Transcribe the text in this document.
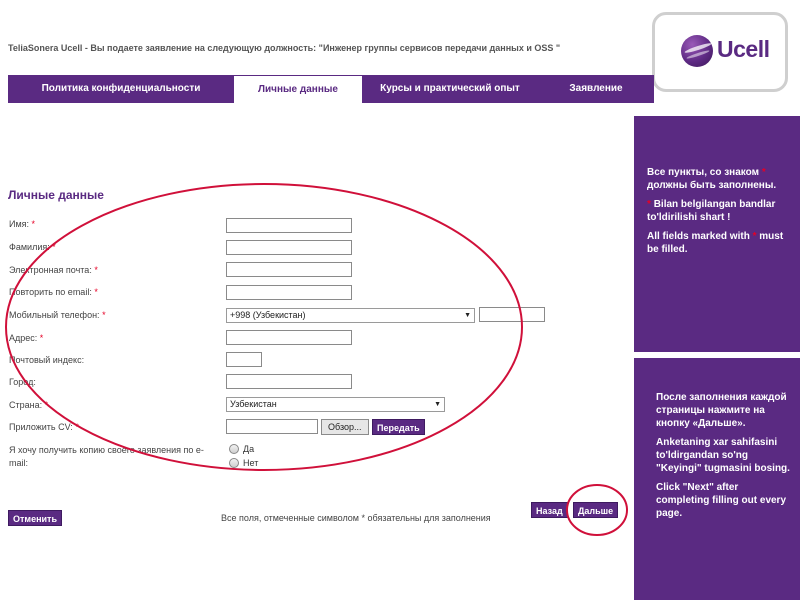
TeliaSonera Ucell - Вы подаете заявление на следующую должность: "Инженер группы сервисов передачи данных и OSS "	Ucell
Политика конфиденциальности	Личные данные	Курсы и практический опыт	Заявление

Все пункты, со знаком * должны быть заполнены.

* Bilan belgilangan bandlar to'ldirilishi shart !

All fields marked with * must be filled.

После заполнения каждой страницы нажмите на кнопку «Дальше».

Anketaning xar sahifasini to'ldirgandan so'ng "Keyingi" tugmasini bosing.

Click "Next" after completing filling out every page.

Личные данные
Имя: *
Фамилия: *
Электронная почта: *
Повторить по email: *
Мобильный телефон: *	+998 (Узбекистан)	▼
Адрес: *
Почтовый индекс:
Город:
Страна: *	Узбекистан	▼
Приложить CV: *	Обзор...	Передать
Я хочу получить копию своего заявления по e-mail:
Да
Нет
Отменить	Все поля, отмеченные символом * обязательны для заполнения
Назад	Дальше
